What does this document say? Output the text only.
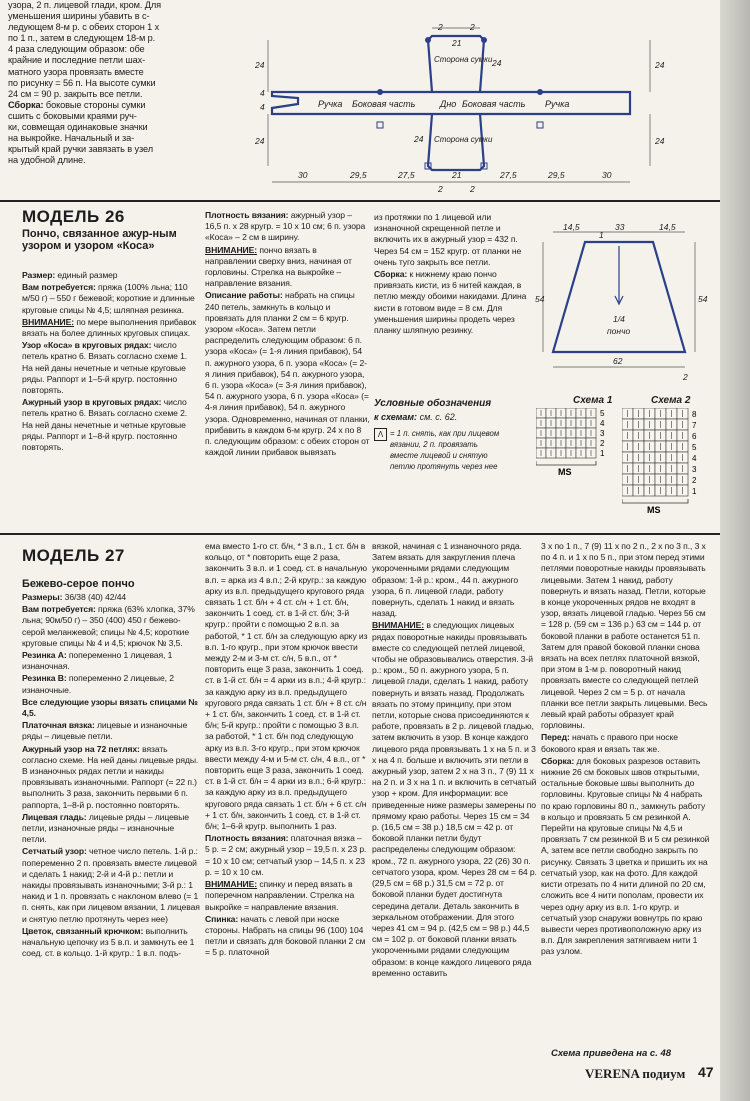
узора, 2 п. лицевой глади, кром. Для
уменьшения ширины убавить в с-
ледующем 8-м р. с обеих сторон 1 х
по 1 п., затем в следующем 18-м р.
4 раза следующим образом: обе
крайние и последние петли шах-
матного узора провязать вместе
по рисунку = 56 п. На высоте сумки
24 см = 90 р. закрыть все петли.
Сборка: боковые стороны сумки
сшить с боковыми краями руч-
ки, совмещая одинаковые значки
на выкройке. Начальный и за-
крытый край ручки завязать в узел
на удобной длине.
24
4
4
24
21
2	2
24
24
24
24
30	29,5	27,5	21	27,5	29,5	30
2	2
Ручка Боковая часть	Дно Боковая часть Ручка
Сторона сумки
Сторона сумки
МОДЕЛЬ 26
Пончо, связанное ажур-ным узором и узором «Коса»

Размер: единый размер

Вам потребуется: пряжа (100% льна; 110 м/50 г) – 550 г бежевой; короткие и длинные круговые спицы № 4,5; шляпная резинка.

ВНИМАНИЕ: по мере выполнения прибавок вязать на более длинных круговых спицах.

Узор «Коса» в круговых рядах: число петель кратно 6. Вязать согласно схеме 1. На ней даны нечетные и четные круговые ряды. Раппорт и 1–5-й кругр. постоянно повторять.

Ажурный узор в круговых рядах: число петель кратно 6. Вязать согласно схеме 2. На ней даны нечетные и четные круговые ряды. Раппорт и 1–8-й кругр. постоянно повторять.

Плотность вязания: ажурный узор – 16,5 п. х 28 кругр. = 10 х 10 см; 6 п. узора «Коса» – 2 см в ширину.

ВНИМАНИЕ: пончо вязать в направлении сверху вниз, начиная от горловины. Стрелка на выкройке – направление вязания.

Описание работы: набрать на спицы 240 петель, замкнуть в кольцо и провязать для планки 2 см = 6 кругр. узором «Коса». Затем петли распределить следующим образом: 6 п. узора «Коса» (= 1-я линия прибавок), 54 п. ажурного узора, 6 п. узора «Коса» (= 2-я линия прибавок), 54 п. ажурного узора, 6 п. узора «Коса» (= 3-я линия прибавок), 54 п. ажурного узора, 6 п. узора «Коса» (= 4-я линия прибавок), 54 п. ажурного узора. Одновременно, начиная от планки, прибавить в каждом 6-м кругр. 24 х по 8 п. следующим образом: с обеих сторон от каждой линии прибавок вывязать

из протяжки по 1 лицевой или изнаночной скрещенной петле и включить их в ажурный узор = 432 п. Через 54 см = 152 кругр. от планки не очень туго закрыть все петли.

Сборка: к нижнему краю пончо привязать кисти, из 6 нитей каждая, в петлю между обоими накидами. Длина кисти в готовом виде = 8 см. Для уменьшения ширины продеть через планку шляпную резинку.

14,5	33	14,5
1
54	54
62
2
1/4
пончо
Условные обозначения
к схемам: см. с. 62.
Ʌ = 1 п. снять, как при лицевом
вязании, 2 п. провязать
вместе лицевой и снятую
петлю протянуть через нее
Схема 1
5
4
3
2
1
MS
Схема 2
8
7
6
5
4
3
2
1
MS
МОДЕЛЬ 27
Бежево-серое пончо

Размеры: 36/38 (40) 42/44

Вам потребуется: пряжа (63% хлопка, 37% льна; 90м/50 г) – 350 (400) 450 г бежево-серой меланжевой; спицы № 4,5; короткие круговые спицы № 4 и 4,5; крючок № 3,5.

Резинка А: попеременно 1 лицевая, 1 изнаночная.

Резинка В: попеременно 2 лицевые, 2 изнаночные.

Все следующие узоры вязать спицами № 4,5.

Платочная вязка: лицевые и изнаночные ряды – лицевые петли.

Ажурный узор на 72 петлях: вязать согласно схеме. На ней даны лицевые ряды. В изнаночных рядах петли и накиды провязывать изнаночными. Раппорт (= 22 п.) выполнить 3 раза, закончить первыми 6 п. раппорта, 1–8-й р. постоянно повторять.

Лицевая гладь: лицевые ряды – лицевые петли, изнаночные ряды – изнаночные петли.

Сетчатый узор: четное число петель. 1-й р.: попеременно 2 п. провязать вместе лицевой и сделать 1 накид; 2-й и 4-й р.: петли и накиды провязывать изнаночными; 3-й р.: 1 накид и 1 п. провязать с наклоном влево (= 1 п. снять, как при лицевом вязании, 1 лицевая и снятую петлю протянуть через нее)

Цветок, связанный крючком: выполнить начальную цепочку из 5 в.п. и замкнуть ее 1 соед. ст. в кольцо. 1-й кругр.: 1 в.п. подъ-

ема вместо 1-го ст. б/н, * 3 в.п., 1 ст. б/н в кольцо, от * повторить еще 2 раза, закончить 3 в.п. и 1 соед. ст. в начальную в.п. = арка из 4 в.п.; 2-й кругр.: за каждую арку из в.п. предыдущего кругового ряда связать 1 ст. б/н + 4 ст. с/н + 1 ст. б/н, закончить 1 соед. ст. в 1-й ст. б/н; 3-й кругр.: пройти с помощью 2 в.п. за работой, * 1 ст. б/н за следующую арку из в.п. 1-го кругр., при этом крючок ввести между 2-м и 3-м ст. с/н, 5 в.п., от * повторить еще 3 раза, закончить 1 соед. ст. в 1-й ст. б/н = 4 арки из в.п.; 4-й кругр.: за каждую арку из в.п. предыдущего кругового ряда связать 1 ст. б/н + 8 ст. с/н + 1 ст. б/н, закончить 1 соед. ст. в 1-й ст. б/н; 5-й кругр.: пройти с помощью 3 в.п. за работой, * 1 ст. б/н под следующую арку из в.п. 3-го кругр., при этом крючок ввести между 4-м и 5-м ст. с/н, 4 в.п., от * повторить еще 3 раза, закончить 1 соед. ст. в 1-й ст. б/н = 4 арки из в.п.; 6-й кругр.: за каждую арку из в.п. предыдущего кругового ряда связать 1 ст. б/н + 6 ст. с/н + 1 ст. б/н, закончить 1 соед. ст. в 1-й ст. б/н; 1–6-й кругр. выполнить 1 раз.

Плотность вязания: платочная вязка – 5 р. = 2 см; ажурный узор – 19,5 п. х 23 р. = 10 х 10 см; сетчатый узор – 14,5 п. х 23 р. = 10 х 10 см.

ВНИМАНИЕ: спинку и перед вязать в поперечном направлении. Стрелка на выкройке = направление вязания.

Спинка: начать с левой при носке стороны. Набрать на спицы 96 (100) 104 петли и связать для боковой планки 2 см = 5 р. платочной

вязкой, начиная с 1 изнаночного ряда. Затем вязать для закругления плеча укороченными рядами следующим образом: 1-й р.: кром., 44 п. ажурного узора, 6 п. лицевой глади, работу повернуть, сделать 1 накид и вязать назад.

ВНИМАНИЕ: в следующих лицевых рядах поворотные накиды провязывать вместе со следующей петлей лицевой, чтобы не образовывались отверстия. 3-й р.: кром., 50 п. ажурного узора, 5 п. лицевой глади, сделать 1 накид, работу повернуть и вязать назад. Продолжать вязать по этому принципу, при этом петли, которые снова присоединяются к работе, провязать в 2 р. лицевой гладью, затем включить в узор. В конце каждого лицевого ряда провязывать 1 х на 5 п. и 3 х на 4 п. больше и включить эти петли в ажурный узор, затем 2 х на 3 п., 7 (9) 11 х на 2 п. и 3 х на 1 п. и включить в сетчатый узор + кром. Для информации: все приведенные ниже размеры замерены по прямому краю работы. Через 15 см = 34 р. (16,5 см = 38 р.) 18,5 см = 42 р. от боковой планки петли будут распределены следующим образом: кром., 72 п. ажурного узора, 22 (26) 30 п. сетчатого узора, кром. Через 28 см = 64 р. (29,5 см = 68 р.) 31,5 см = 72 р. от боковой планки будет достигнута середина детали. Деталь закончить в зеркальном отображении. Для этого через 41 см = 94 р. (42,5 см = 98 р.) 44,5 см = 102 р. от боковой планки вязать укороченными рядами следующим образом: в конце каждого лицевого ряда временно оставить

3 х по 1 п., 7 (9) 11 х по 2 п., 2 х по 3 п., 3 х по 4 п. и 1 х по 5 п., при этом перед этими петлями поворотные накиды провязывать лицевыми. Затем 1 накид, работу повернуть и вязать назад. Петли, которые в конце укороченных рядов не входят в узор, вязать лицевой гладью. Через 56 см = 128 р. (59 см = 136 р.) 63 см = 144 р. от боковой планки в работе останется 51 п. Затем для правой боковой планки снова вязать на всех петлях платочной вязкой, при этом в 1-м р. поворотный накид провязать вместе со следующей петлей лицевой. Через 2 см = 5 р. от начала планки все петли закрыть лицевыми. Весь левый край работы образует край горловины.

Перед: начать с правого при носке бокового края и вязать так же.

Сборка: для боковых разрезов оставить нижние 26 см боковых швов открытыми, остальные боковые швы выполнить до горловины. Круговые спицы № 4 набрать по краю горловины 80 п., замкнуть работу в кольцо и провязать 5 см резинкой А. Перейти на круговые спицы № 4,5 и провязать 7 см резинкой В и 5 см резинкой А, затем все петли свободно закрыть по рисунку. Связать 3 цветка и пришить их на сетчатый узор, как на фото. Для каждой кисти отрезать по 4 нити длиной по 20 см, сложить все 4 нити пополам, провести их через одну арку из в.п. 1-го кругр. и сетчатый узор снаружи вовнутрь по краю вывести через противоположную арку из в.п. Для закрепления затягиваем нити 1 раз узлом.

Схема приведена на с. 48
VERENA подиум 47
